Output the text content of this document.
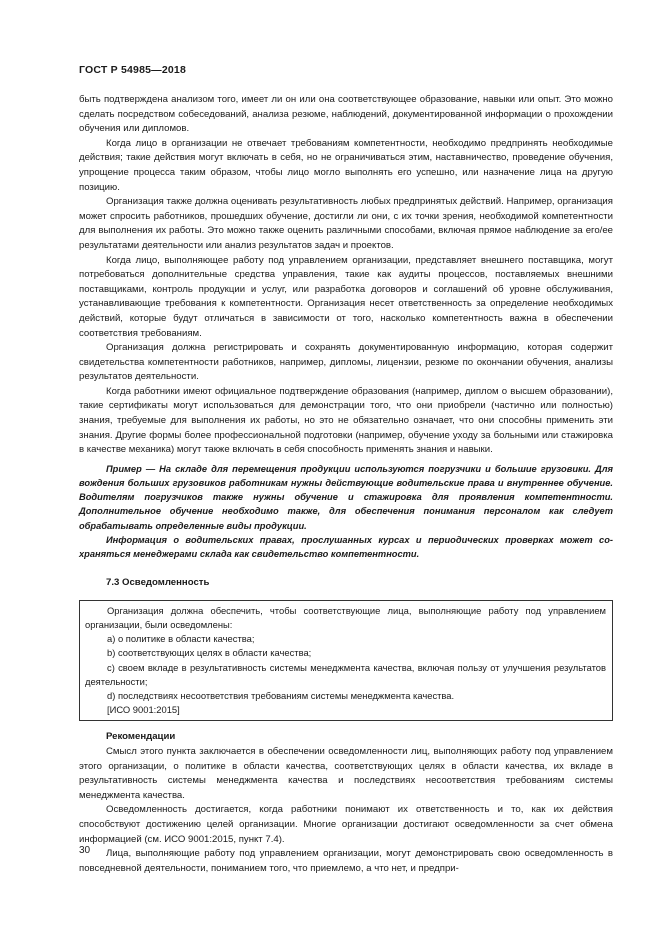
ГОСТ Р 54985—2018

быть подтверждена анализом того, имеет ли он или она соответствующее образование, навыки или опыт. Это можно сделать посредством собеседований, анализа резюме, наблюдений, документированной информации о прохождении обучения или дипломов.

Когда лицо в организации не отвечает требованиям компетентности, необходимо предпринять необходимые действия; такие действия могут включать в себя, но не ограничиваться этим, наставничество, проведение обучения, упрощение процесса таким образом, чтобы лицо могло выполнять его успешно, или назначение лица на другую позицию.

Организация также должна оценивать результативность любых предпринятых действий. Например, организация может спросить работников, прошедших обучение, достигли ли они, с их точки зрения, необходимой компетентности для выполнения их работы. Это можно также оценить различными способами, включая прямое наблюдение за его/ее результатами деятельности или анализ результатов задач и проектов.

Когда лицо, выполняющее работу под управлением организации, представляет внешнего поставщика, могут потребоваться дополнительные средства управления, такие как аудиты процессов, поставляемых внешними поставщиками, контроль продукции и услуг, или разработка договоров и соглашений об уровне обслуживания, устанавливающие требования к компетентности. Организация несет ответственность за определение необходимых действий, которые будут отличаться в зависимости от того, насколько компетентность важна в обеспечении соответствия требованиям.

Организация должна регистрировать и сохранять документированную информацию, которая содержит свидетельства компетентности работников, например, дипломы, лицензии, резюме по окончании обучения, анализы результатов деятельности.

Когда работники имеют официальное подтверждение образования (например, диплом о высшем образовании), такие сертификаты могут использоваться для демонстрации того, что они приобрели (частично или полностью) знания, требуемые для выполнения их работы, но это не обязательно означает, что они способны применить эти знания. Другие формы более профессиональной подготовки (например, обучение уходу за больными или стажировка в качестве механика) могут также включать в себя способность применять знания и навыки.

Пример — На складе для перемещения продукции используются погрузчики и большие грузовики. Для вождения больших грузовиков работникам нужны действующие водительские права и внутреннее обучение. Водителям погрузчиков также нужны обучение и стажировка для проявления компетентности. Дополнительное обучение необходимо также, для обеспечения понимания персоналом как следует обрабатывать определенные виды продукции.

Информация о водительских правах, прослушанных курсах и периодических проверках может сохраняться менеджерами склада как свидетельство компетентности.

7.3 Осведомленность

Организация должна обеспечить, чтобы соответствующие лица, выполняющие работу под управлением организации, были осведомлены:

a) о политике в области качества;

b) соответствующих целях в области качества;

c) своем вкладе в результативность системы менеджмента качества, включая пользу от улучшения результатов деятельности;

d) последствиях несоответствия требованиям системы менеджмента качества.

[ИСО 9001:2015]

Рекомендации

Смысл этого пункта заключается в обеспечении осведомленности лиц, выполняющих работу под управлением этого организации, о политике в области качества, соответствующих целях в области качества, их вкладе в результативность системы менеджмента качества и последствиях несоответствия требованиям системы менеджмента качества.

Осведомленность достигается, когда работники понимают их ответственность и то, как их действия способствуют достижению целей организации. Многие организации достигают осведомленности за счет обмена информацией (см. ИСО 9001:2015, пункт 7.4).

Лица, выполняющие работу под управлением организации, могут демонстрировать свою осведомленность в повседневной деятельности, пониманием того, что приемлемо, а что нет, и предпри-

30
